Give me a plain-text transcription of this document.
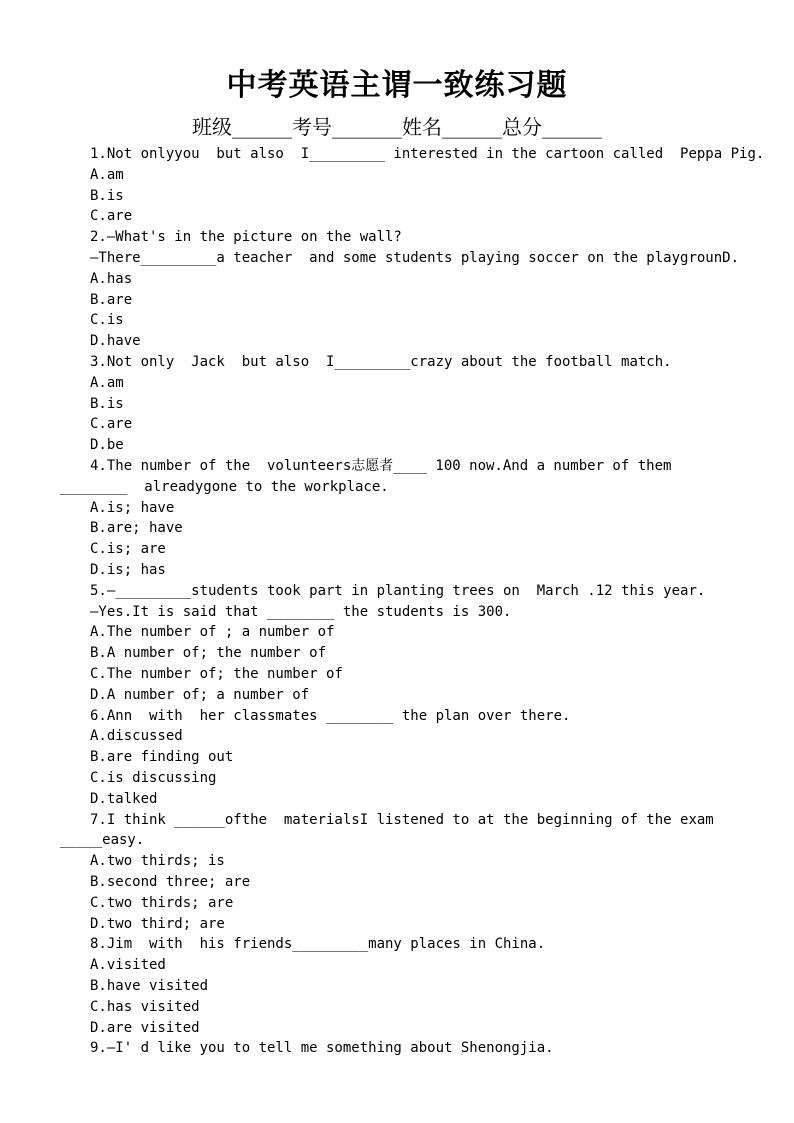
中考英语主谓一致练习题
班级______考号_______姓名______总分______
1.Not onlyyou  but also  I_________ interested in the cartoon called  Peppa Pig.
A.am
B.is
C.are
2.—What's in the picture on the wall?
—There_________a teacher  and some students playing soccer on the playgrounD.
A.has
B.are
C.is
D.have
3.Not only  Jack  but also  I_________crazy about the football match.
A.am
B.is
C.are
D.be
4.The number of the  volunteers志愿者____ 100 now.And a number of them
________  alreadygone to the workplace.
A.is; have
B.are; have
C.is; are
D.is; has
5.—_________students took part in planting trees on  March .12 this year.
—Yes.It is said that ________ the students is 300.
A.The number of ; a number of
B.A number of; the number of
C.The number of; the number of
D.A number of; a number of
6.Ann  with  her classmates ________ the plan over there.
A.discussed
B.are finding out
C.is discussing
D.talked
7.I think ______ofthe  materialsI listened to at the beginning of the exam
_____easy.
A.two thirds; is
B.second three; are
C.two thirds; are
D.two third; are
8.Jim  with  his friends_________many places in China.
A.visited
B.have visited
C.has visited
D.are visited
9.—I' d like you to tell me something about Shenongjia.
